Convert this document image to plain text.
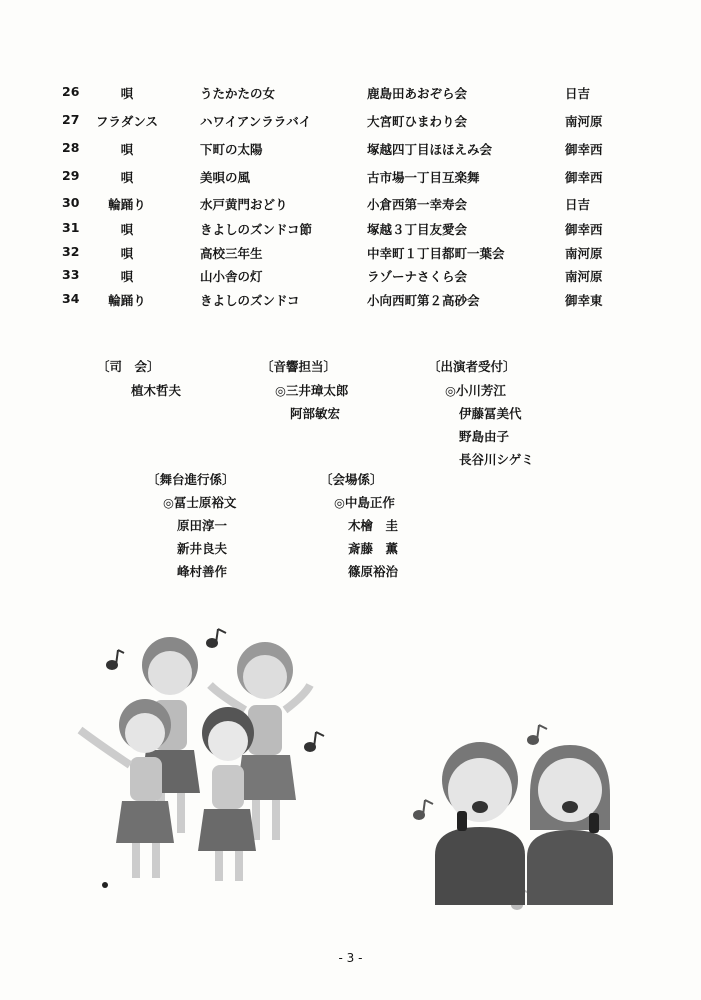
26	唄	うたかたの女	鹿島田あおぞら会	日吉
27	フラダンス	ハワイアンララバイ	大宮町ひまわり会	南河原
28	唄	下町の太陽	塚越四丁目ほほえみ会	御幸西
29	唄	美唄の風	古市場一丁目互楽舞	御幸西
30	輪踊り	水戸黄門おどり	小倉西第一幸寿会	日吉
31	唄	きよしのズンドコ節	塚越３丁目友愛会	御幸西
32	唄	高校三年生	中幸町１丁目都町一葉会	南河原
33	唄	山小舎の灯	ラゾーナさくら会	南河原
34	輪踊り	きよしのズンドコ	小向西町第２高砂会	御幸東
〔司　会〕
植木哲夫
〔音響担当〕
◎三井璋太郎
阿部敏宏
〔出演者受付〕
◎小川芳江
伊藤冨美代
野島由子
長谷川シゲミ
〔舞台進行係〕
◎冨士原裕文
原田淳一
新井良夫
峰村善作
〔会場係〕
◎中島正作
木檜　圭
斎藤　薫
篠原裕治
- 3 -
